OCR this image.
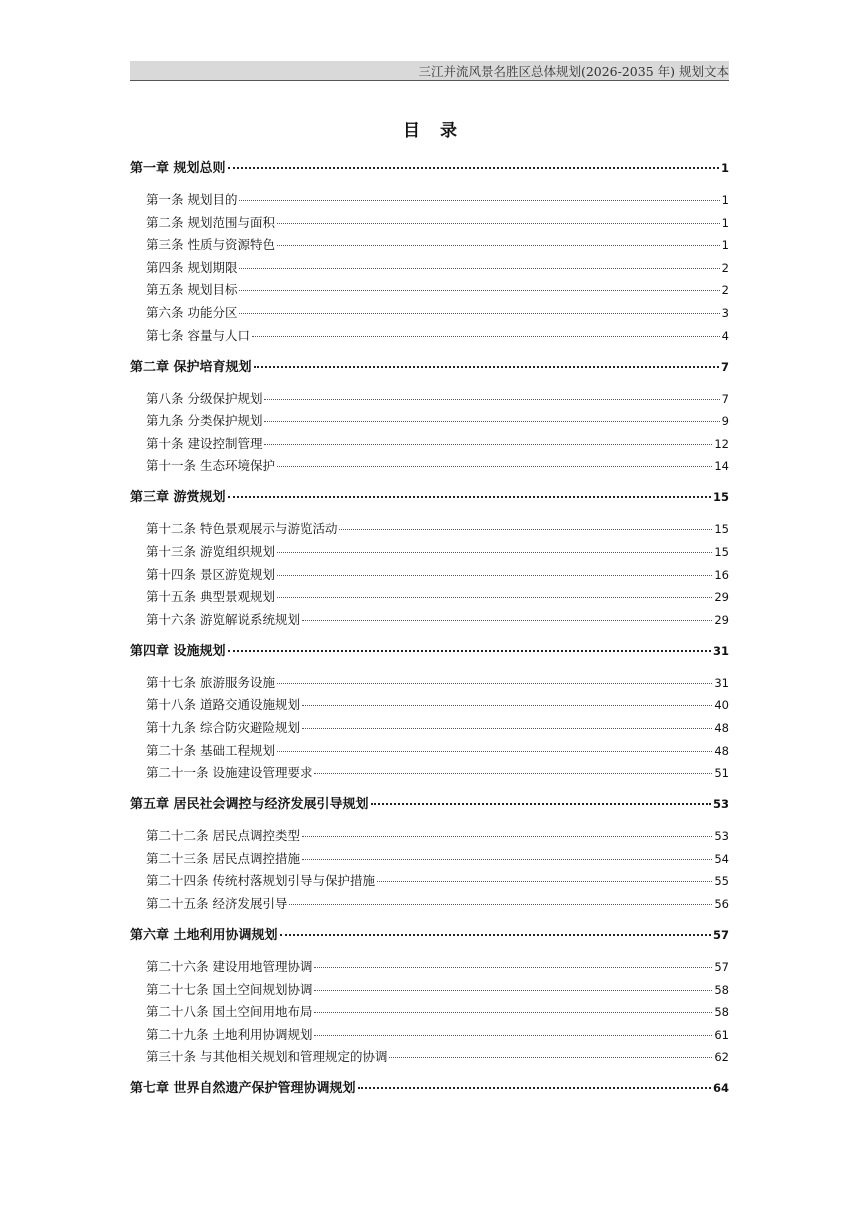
三江并流风景名胜区总体规划(2026-2035 年) 规划文本
目录
第一章 规划总则	1
第一条 规划目的	1
第二条 规划范围与面积	1
第三条 性质与资源特色	1
第四条 规划期限	2
第五条 规划目标	2
第六条 功能分区	3
第七条 容量与人口	4
第二章 保护培育规划	7
第八条 分级保护规划	7
第九条 分类保护规划	9
第十条 建设控制管理	12
第十一条 生态环境保护	14
第三章 游赏规划	15
第十二条 特色景观展示与游览活动	15
第十三条 游览组织规划	15
第十四条 景区游览规划	16
第十五条 典型景观规划	29
第十六条 游览解说系统规划	29
第四章 设施规划	31
第十七条 旅游服务设施	31
第十八条 道路交通设施规划	40
第十九条 综合防灾避险规划	48
第二十条 基础工程规划	48
第二十一条 设施建设管理要求	51
第五章 居民社会调控与经济发展引导规划	53
第二十二条 居民点调控类型	53
第二十三条 居民点调控措施	54
第二十四条 传统村落规划引导与保护措施	55
第二十五条 经济发展引导	56
第六章 土地利用协调规划	57
第二十六条 建设用地管理协调	57
第二十七条 国土空间规划协调	58
第二十八条 国土空间用地布局	58
第二十九条 土地利用协调规划	61
第三十条 与其他相关规划和管理规定的协调	62
第七章 世界自然遗产保护管理协调规划	64
